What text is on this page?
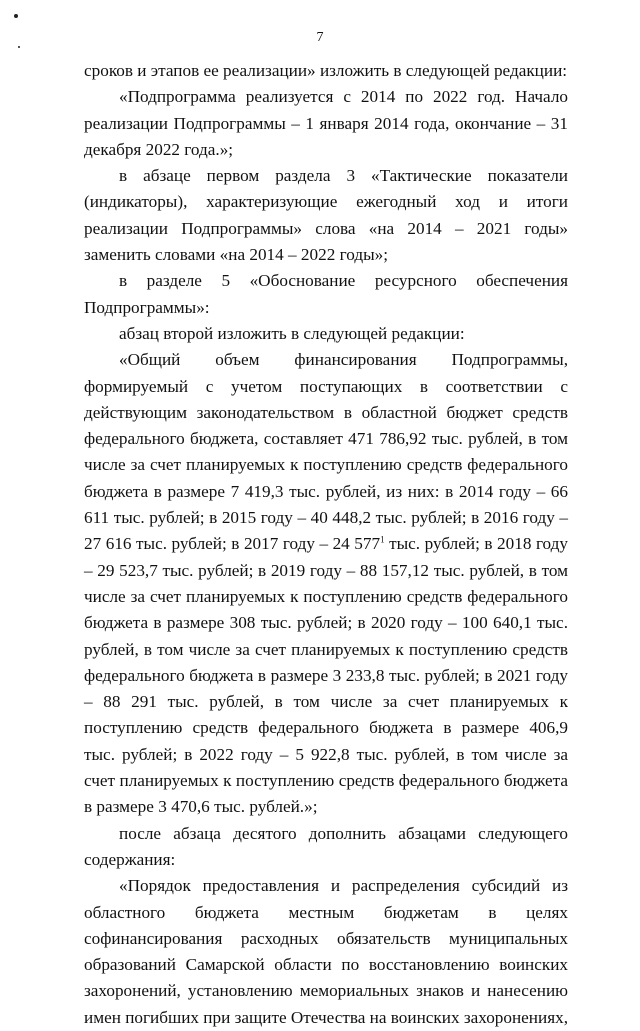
7

сроков и этапов ее реализации» изложить в следующей редакции:

«Подпрограмма реализуется с 2014 по 2022 год. Начало реализации Подпрограммы – 1 января 2014 года, окончание – 31 декабря 2022 года.»;

в абзаце первом раздела 3 «Тактические показатели (индикаторы), характеризующие ежегодный ход и итоги реализации Подпрограммы» слова «на 2014 – 2021 годы» заменить словами «на 2014 – 2022 годы»;

в разделе 5 «Обоснование ресурсного обеспечения Подпрограммы»:

абзац второй изложить в следующей редакции:

«Общий объем финансирования Подпрограммы, формируемый с учетом поступающих в соответствии с действующим законодательством в областной бюджет средств федерального бюджета, составляет 471 786,92 тыс. рублей, в том числе за счет планируемых к поступлению средств федерального бюджета в размере 7 419,3 тыс. рублей, из них: в 2014 году – 66 611 тыс. рублей; в 2015 году – 40 448,2 тыс. рублей; в 2016 году – 27 616 тыс. рублей; в 2017 году – 24 $577^1$ тыс. рублей; в 2018 году – 29 523,7 тыс. рублей; в 2019 году – 88 157,12 тыс. рублей, в том числе за счет планируемых к поступлению средств федерального бюджета в размере 308 тыс. рублей; в 2020 году – 100 640,1 тыс. рублей, в том числе за счет планируемых к поступлению средств федерального бюджета в размере 3 233,8 тыс. рублей; в 2021 году – 88 291 тыс. рублей, в том числе за счет планируемых к поступлению средств федерального бюджета в размере 406,9 тыс. рублей; в 2022 году – 5 922,8 тыс. рублей, в том числе за счет планируемых к поступлению средств федерального бюджета в размере 3 470,6 тыс. рублей.»;

после абзаца десятого дополнить абзацами следующего содержания:

«Порядок предоставления и распределения субсидий из областного бюджета местным бюджетам в целях софинансирования расходных обязательств муниципальных образований Самарской области по восстановлению воинских захоронений, установлению мемориальных знаков и нанесению имен погибших при защите Отечества на воинских захоронениях,
